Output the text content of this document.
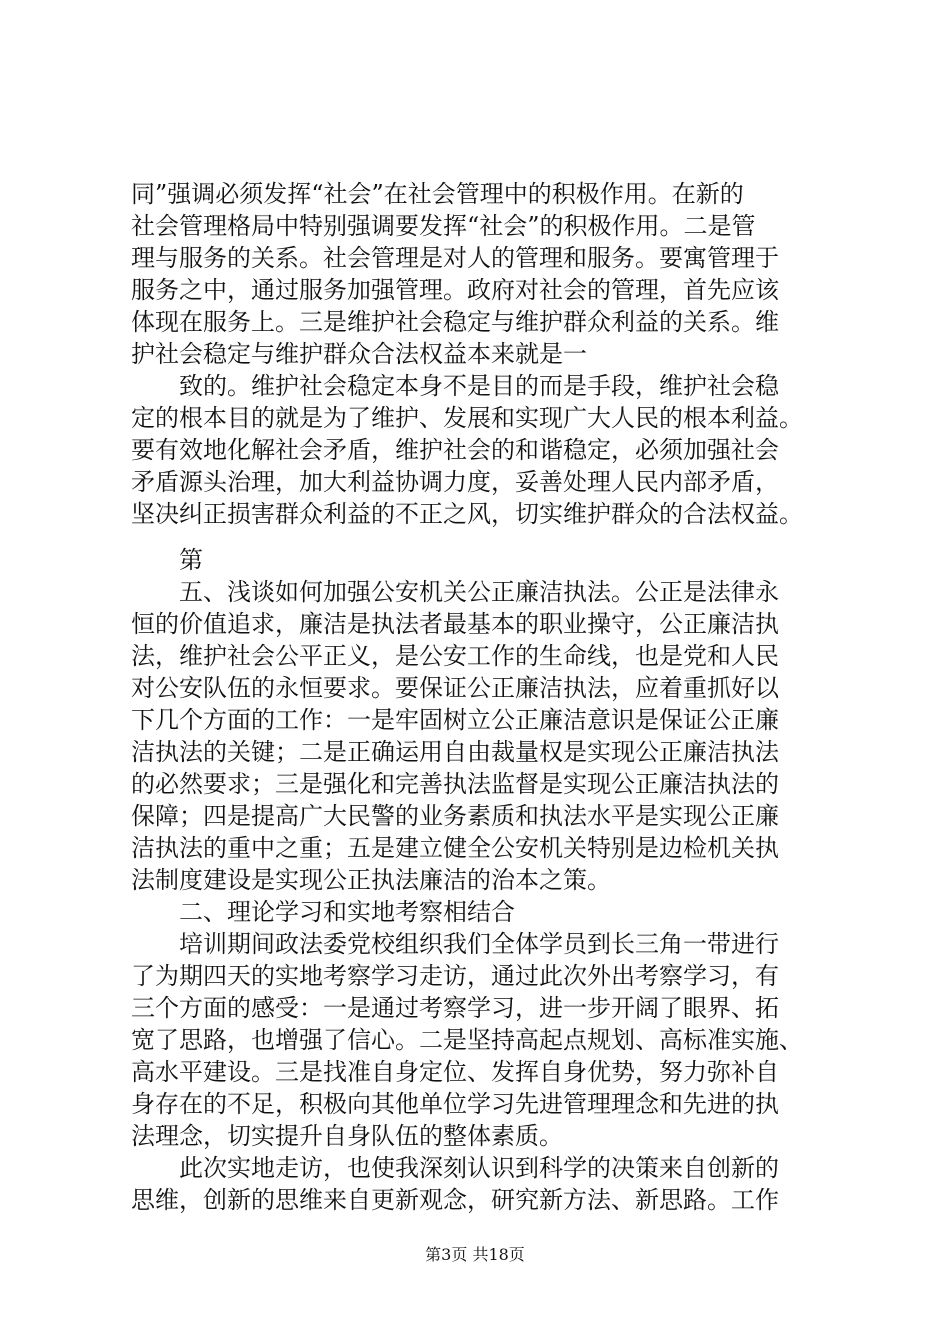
同”强调必须发挥“社会”在社会管理中的积极作用。在新的
社会管理格局中特别强调要发挥“社会”的积极作用。二是管
理与服务的关系。社会管理是对人的管理和服务。要寓管理于
服务之中，通过服务加强管理。政府对社会的管理，首先应该
体现在服务上。三是维护社会稳定与维护群众利益的关系。维
护社会稳定与维护群众合法权益本来就是一
　　致的。维护社会稳定本身不是目的而是手段，维护社会稳
定的根本目的就是为了维护、发展和实现广大人民的根本利益。
要有效地化解社会矛盾，维护社会的和谐稳定，必须加强社会
矛盾源头治理，加大利益协调力度，妥善处理人民内部矛盾，
坚决纠正损害群众利益的不正之风，切实维护群众的合法权益。
　　第
　　五、浅谈如何加强公安机关公正廉洁执法。公正是法律永
恒的价值追求，廉洁是执法者最基本的职业操守，公正廉洁执
法，维护社会公平正义，是公安工作的生命线，也是党和人民
对公安队伍的永恒要求。要保证公正廉洁执法，应着重抓好以
下几个方面的工作：一是牢固树立公正廉洁意识是保证公正廉
洁执法的关键；二是正确运用自由裁量权是实现公正廉洁执法
的必然要求；三是强化和完善执法监督是实现公正廉洁执法的
保障；四是提高广大民警的业务素质和执法水平是实现公正廉
洁执法的重中之重；五是建立健全公安机关特别是边检机关执
法制度建设是实现公正执法廉洁的治本之策。
　　二、理论学习和实地考察相结合
　　培训期间政法委党校组织我们全体学员到长三角一带进行
了为期四天的实地考察学习走访，通过此次外出考察学习，有
三个方面的感受：一是通过考察学习，进一步开阔了眼界、拓
宽了思路，也增强了信心。二是坚持高起点规划、高标准实施、
高水平建设。三是找准自身定位、发挥自身优势，努力弥补自
身存在的不足，积极向其他单位学习先进管理理念和先进的执
法理念，切实提升自身队伍的整体素质。
　　此次实地走访，也使我深刻认识到科学的决策来自创新的
思维，创新的思维来自更新观念，研究新方法、新思路。工作
第3页 共18页
